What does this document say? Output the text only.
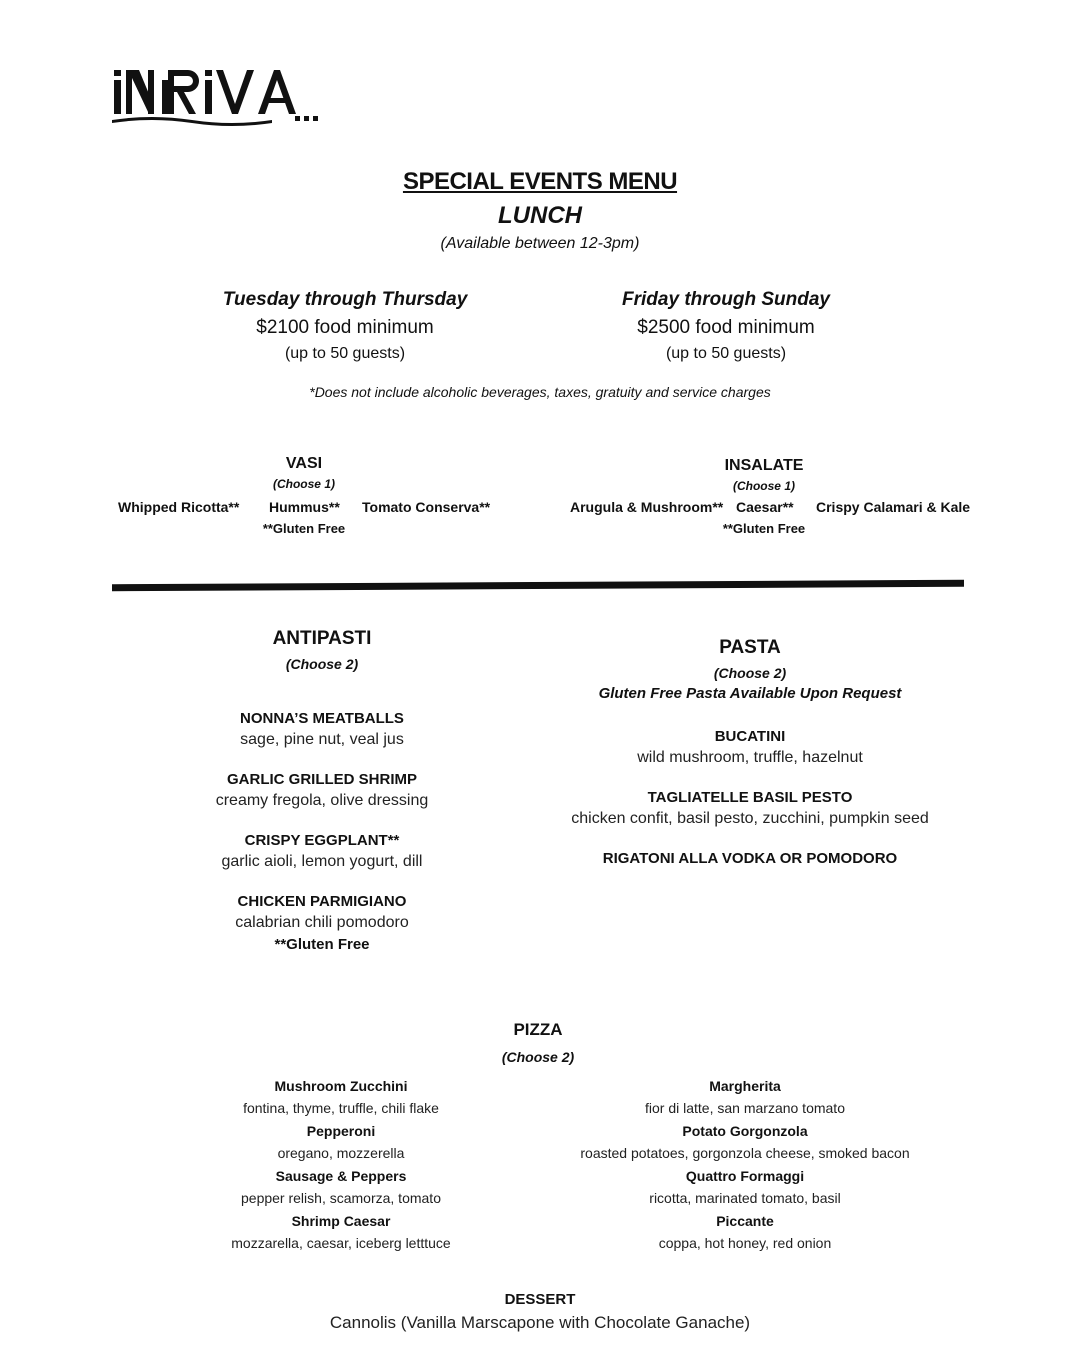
SPECIAL EVENTS MENU
LUNCH
(Available between 12-3pm)
Tuesday through Thursday
$2100 food minimum
(up to 50 guests)
Friday through Sunday
$2500 food minimum
(up to 50 guests)
*Does not include alcoholic beverages, taxes, gratuity and service charges
VASI
(Choose 1)
Whipped Ricotta** Hummus** Tomato Conserva**
**Gluten Free
INSALATE
(Choose 1)
Arugula & Mushroom** Caesar** Crispy Calamari & Kale
**Gluten Free
ANTIPASTI
(Choose 2)
NONNA’S MEATBALLS
sage, pine nut, veal jus
GARLIC GRILLED SHRIMP
creamy fregola, olive dressing
CRISPY EGGPLANT**
garlic aioli, lemon yogurt, dill
CHICKEN PARMIGIANO
calabrian chili pomodoro
**Gluten Free
PASTA
(Choose 2)
Gluten Free Pasta Available Upon Request
BUCATINI
wild mushroom, truffle, hazelnut
TAGLIATELLE BASIL PESTO
chicken confit, basil pesto, zucchini, pumpkin seed
RIGATONI ALLA VODKA OR POMODORO
PIZZA
(Choose 2)
Mushroom Zucchini
fontina, thyme, truffle, chili flake
Pepperoni
oregano, mozzerella
Sausage & Peppers
pepper relish, scamorza, tomato
Shrimp Caesar
mozzarella, caesar, iceberg letttuce
Margherita
fior di latte, san marzano tomato
Potato Gorgonzola
roasted potatoes, gorgonzola cheese, smoked bacon
Quattro Formaggi
ricotta, marinated tomato, basil
Piccante
coppa, hot honey, red onion
DESSERT
Cannolis (Vanilla Marscapone with Chocolate Ganache)
